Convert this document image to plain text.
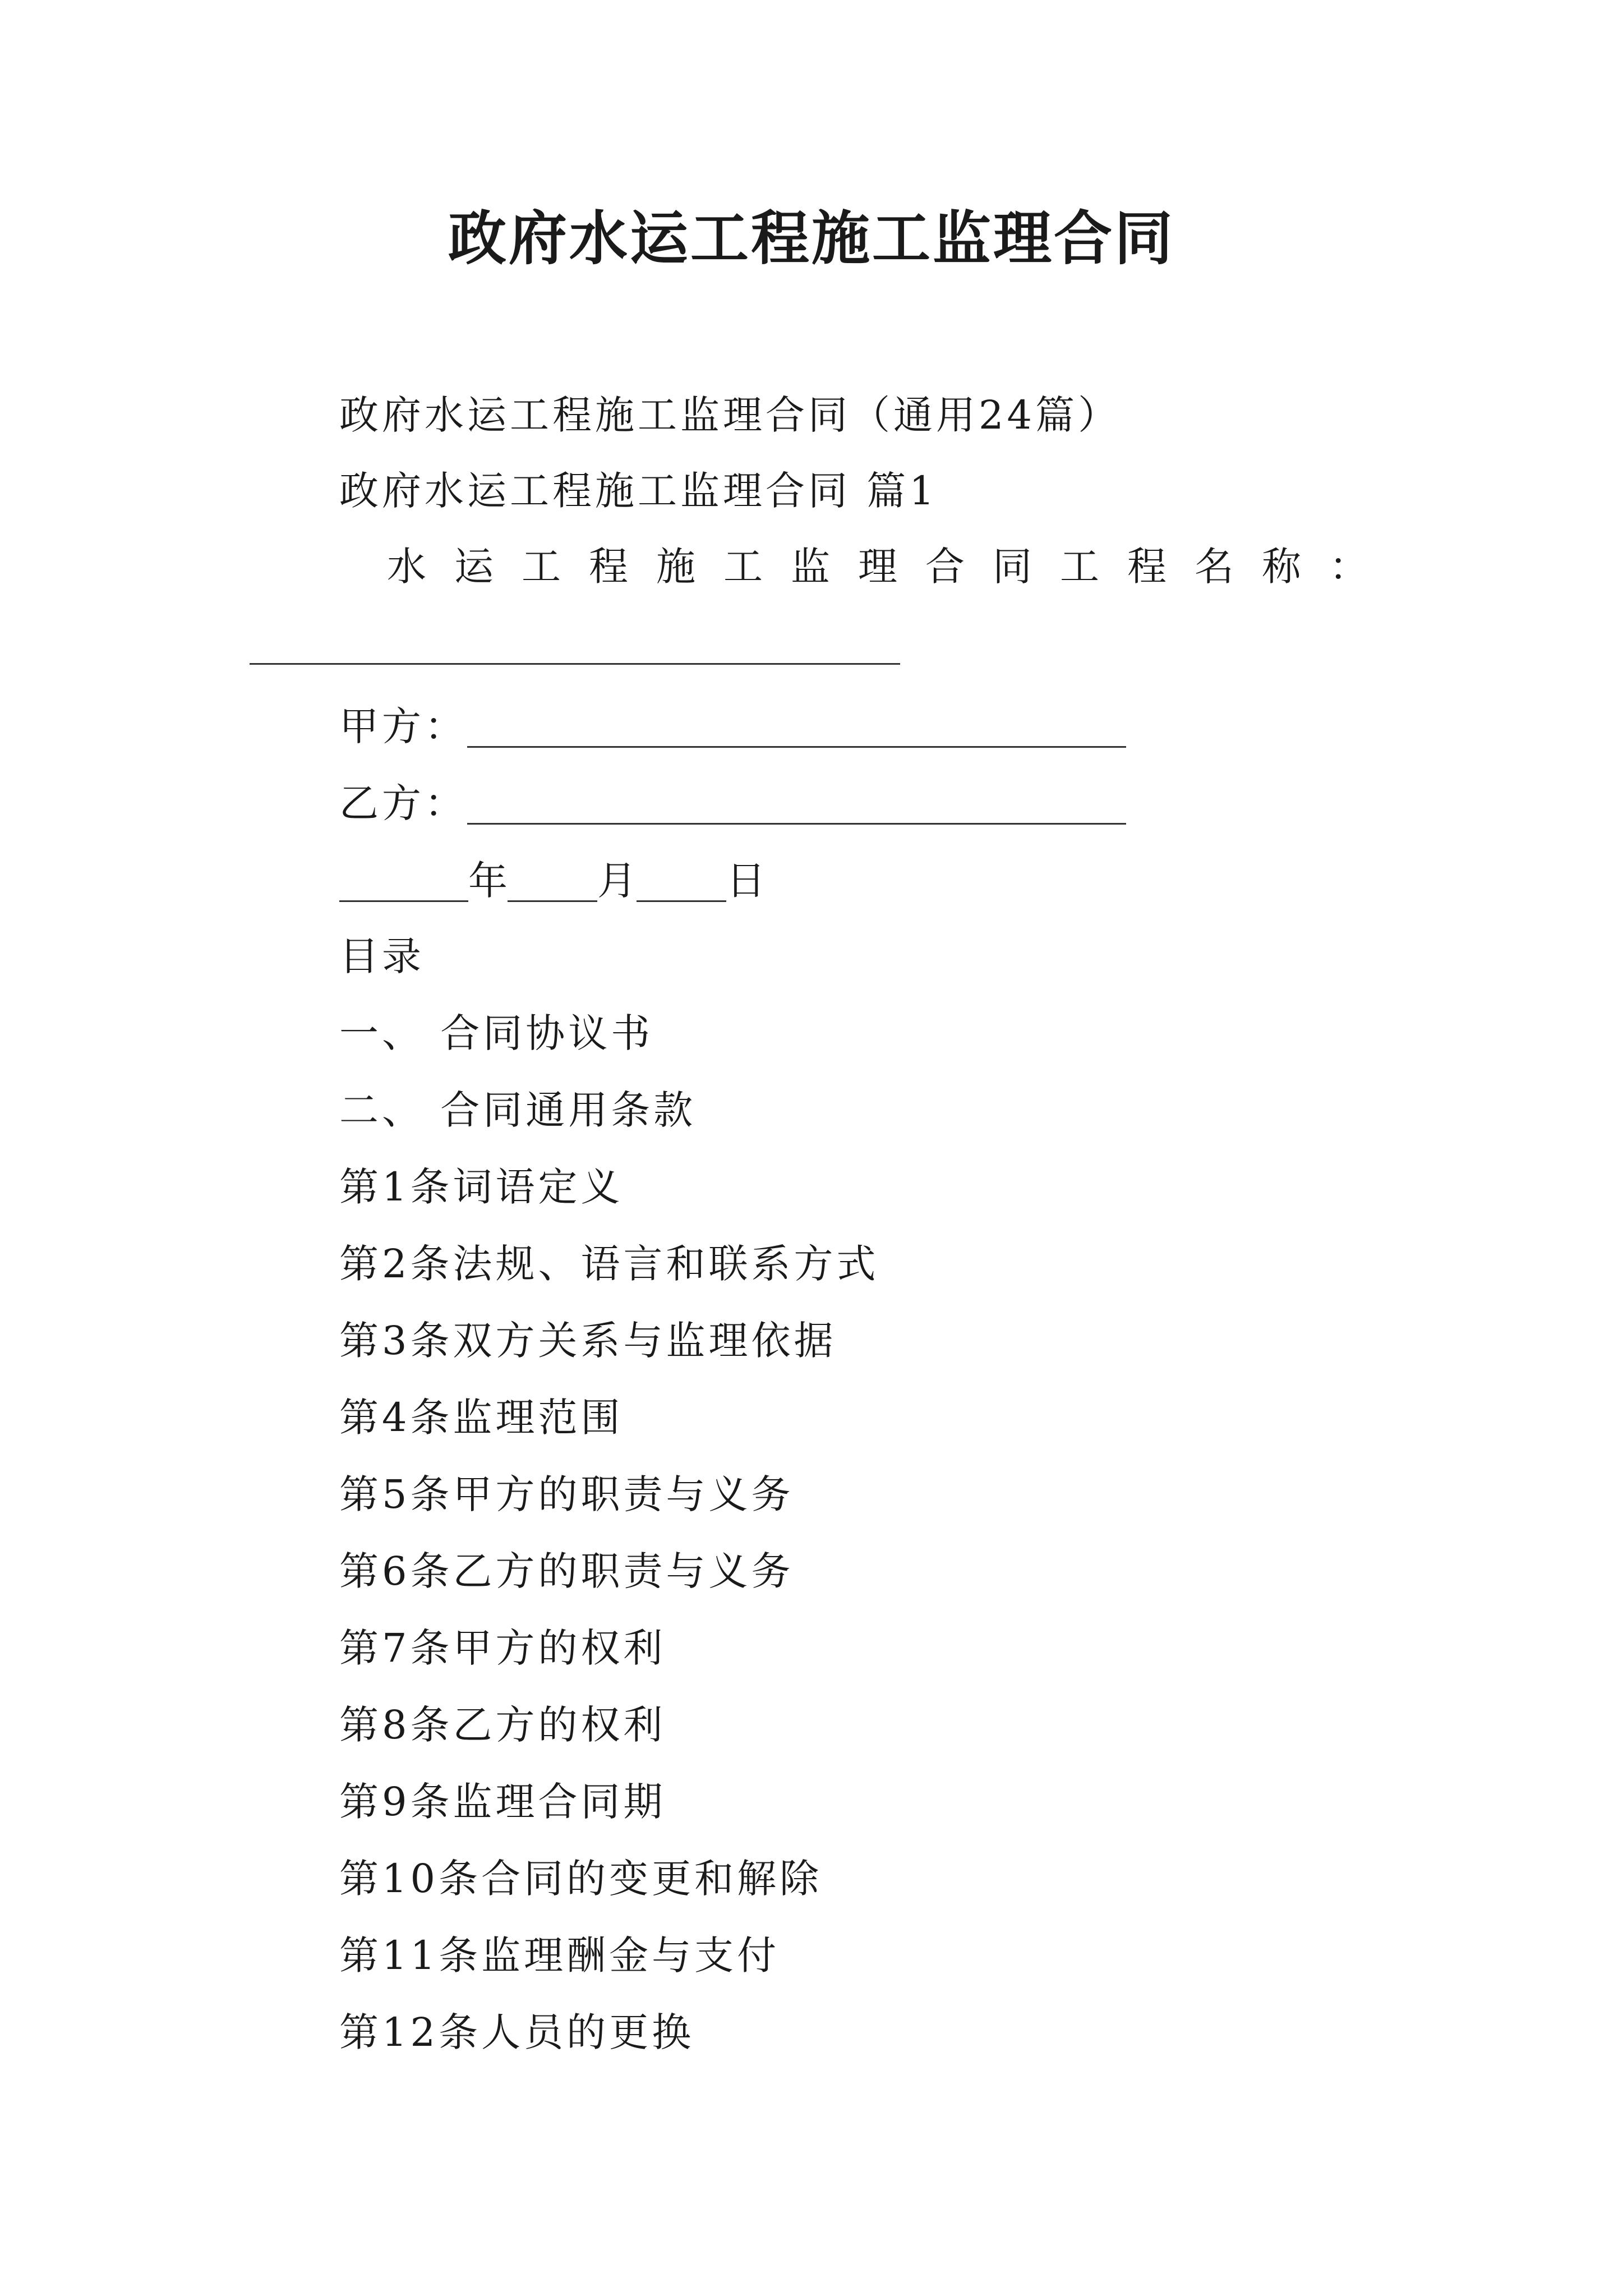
政府水运工程施工监理合同
政府水运工程施工监理合同（通用24篇）
政府水运工程施工监理合同 篇1
水 运 工 程 施 工 监 理 合 同 工 程 名 称 ：
甲方：
乙方：
年 月 日
目录
一、 合同协议书
二、 合同通用条款
第1条词语定义
第2条法规、语言和联系方式
第3条双方关系与监理依据
第4条监理范围
第5条甲方的职责与义务
第6条乙方的职责与义务
第7条甲方的权利
第8条乙方的权利
第9条监理合同期
第10条合同的变更和解除
第11条监理酬金与支付
第12条人员的更换
